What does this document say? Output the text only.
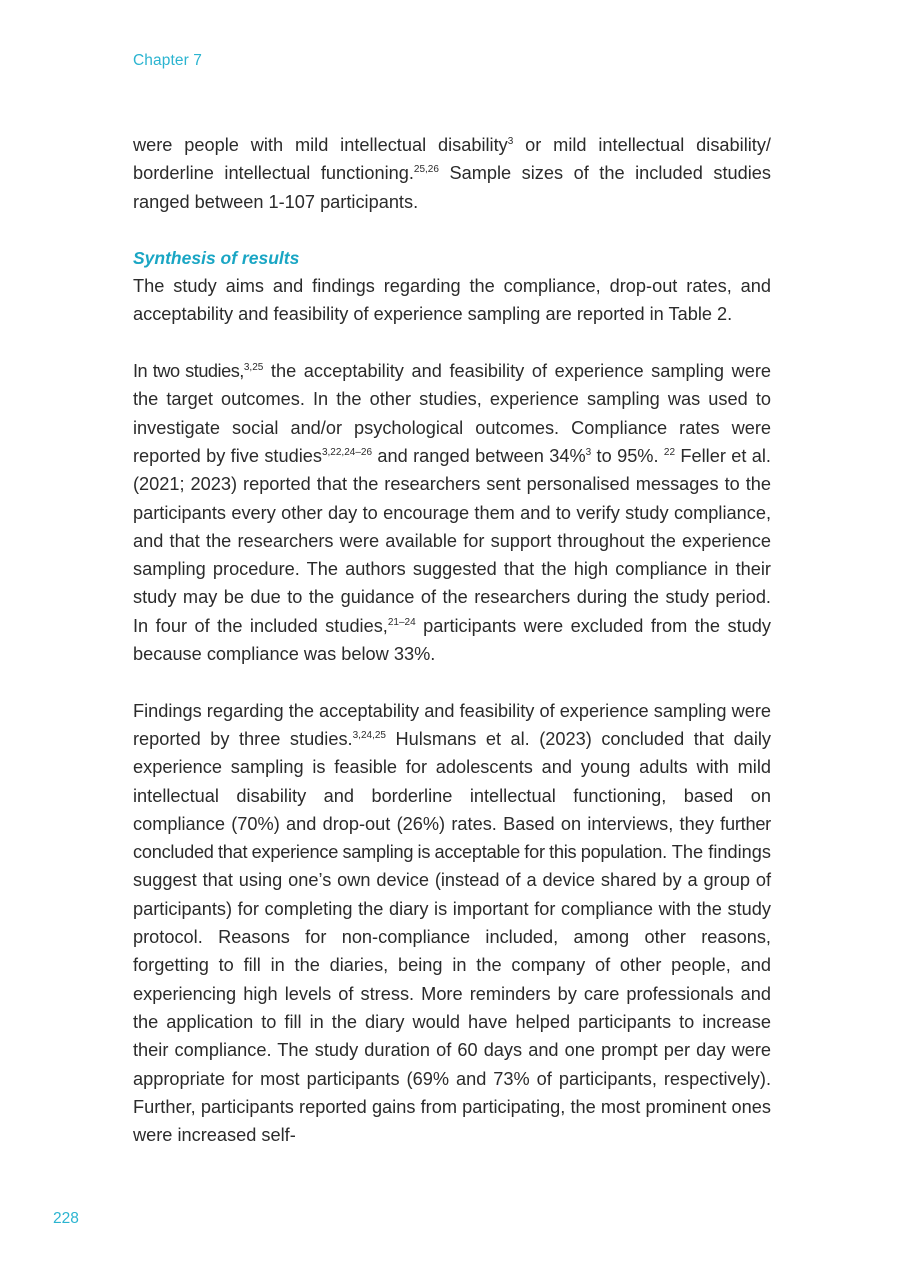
Chapter 7

were people with mild intellectual disability$^3$ or mild intellectual disability/ borderline intellectual functioning.$^{25,26}$ Sample sizes of the included studies ranged between 1-107 participants.

Synthesis of results

The study aims and findings regarding the compliance, drop-out rates, and acceptability and feasibility of experience sampling are reported in Table 2.

In two studies,$^{3,25}$ the acceptability and feasibility of experience sampling were the target outcomes. In the other studies, experience sampling was used to investigate social and/or psychological outcomes. Compliance rates were reported by five studies$^{3,22,24-26}$ and ranged between 34%$^3$ to 95%. $^{22}$ Feller et al. (2021; 2023) reported that the researchers sent personalised messages to the participants every other day to encourage them and to verify study compliance, and that the researchers were available for support throughout the experience sampling procedure. The authors suggested that the high compliance in their study may be due to the guidance of the researchers during the study period. In four of the included studies,$^{21-24}$ participants were excluded from the study because compliance was below 33%.

Findings regarding the acceptability and feasibility of experience sampling were reported by three studies.$^{3,24,25}$ Hulsmans et al. (2023) concluded that daily experience sampling is feasible for adolescents and young adults with mild intellectual disability and borderline intellectual functioning, based on compliance (70%) and drop-out (26%) rates. Based on interviews, they further concluded that experience sampling is acceptable for this population. The findings suggest that using one’s own device (instead of a device shared by a group of participants) for completing the diary is important for compliance with the study protocol. Reasons for non-compliance included, among other reasons, forgetting to fill in the diaries, being in the company of other people, and experiencing high levels of stress. More reminders by care professionals and the application to fill in the diary would have helped participants to increase their compliance. The study duration of 60 days and one prompt per day were appropriate for most participants (69% and 73% of participants, respectively). Further, participants reported gains from participating, the most prominent ones were increased self-

228
